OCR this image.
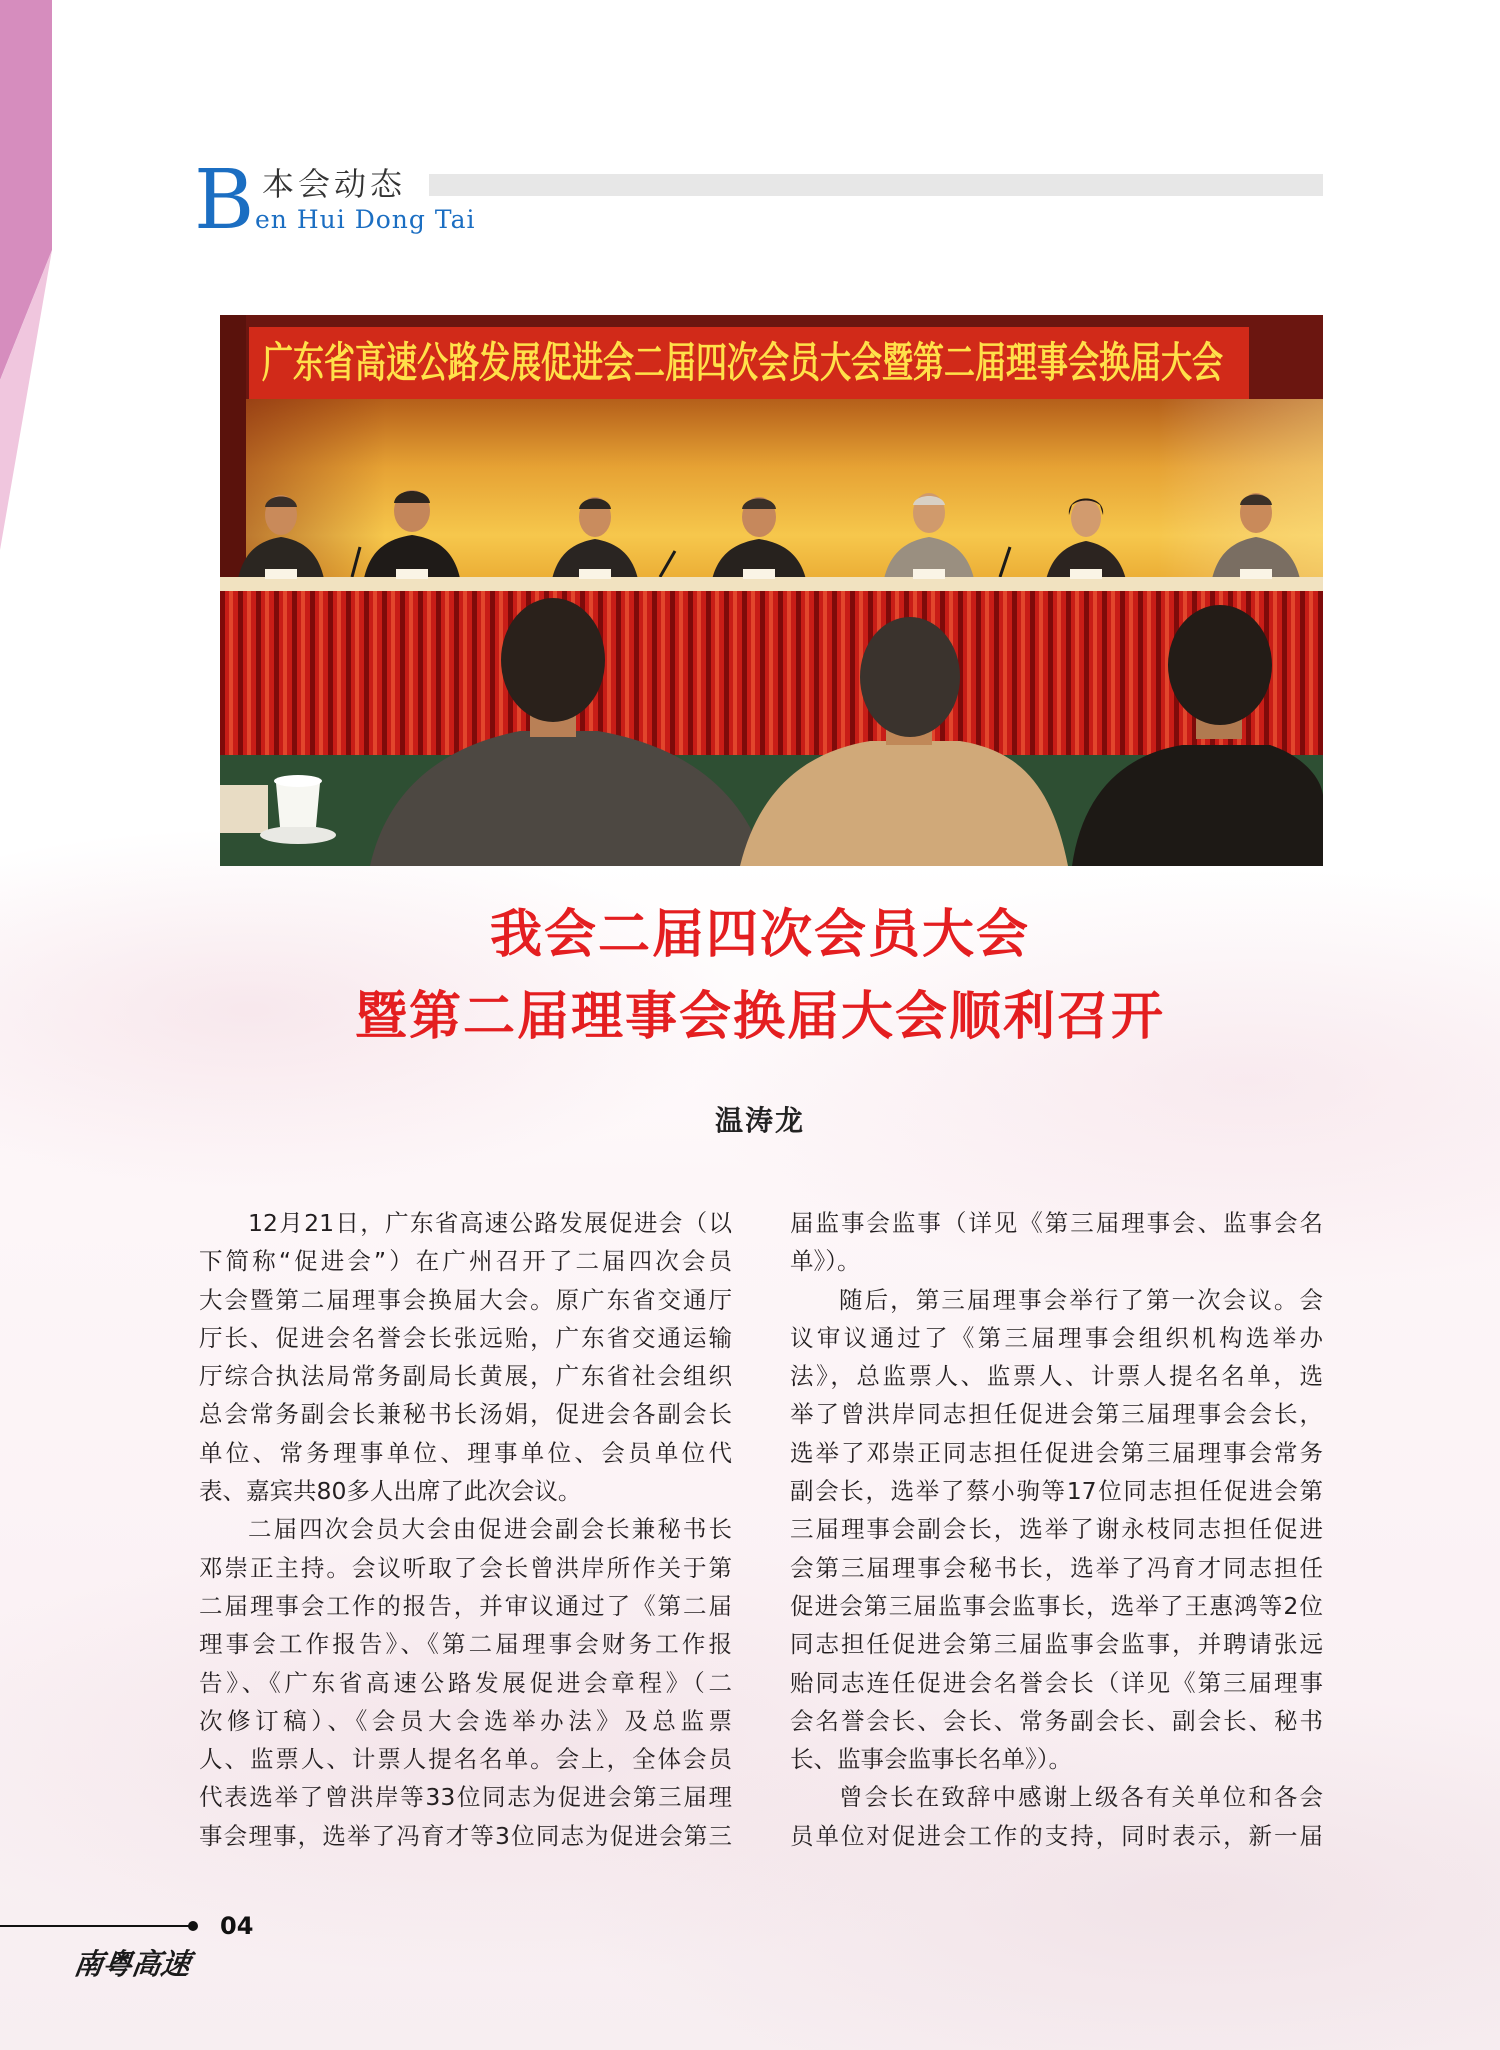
B 本会动态
en Hui Dong Tai
广东省高速公路发展促进会二届四次会员大会暨第二届理事会换届大会
我会二届四次会员大会
暨第二届理事会换届大会顺利召开
温涛龙
12月21日，广东省高速公路发展促进会（以
下简称“促进会”）在广州召开了二届四次会员
大会暨第二届理事会换届大会。原广东省交通厅
厅长、促进会名誉会长张远贻，广东省交通运输
厅综合执法局常务副局长黄展，广东省社会组织
总会常务副会长兼秘书长汤娟，促进会各副会长
单位、常务理事单位、理事单位、会员单位代
表、嘉宾共80多人出席了此次会议。
二届四次会员大会由促进会副会长兼秘书长
邓崇正主持。会议听取了会长曾洪岸所作关于第
二届理事会工作的报告，并审议通过了《第二届
理事会工作报告》、《第二届理事会财务工作报
告》、《广东省高速公路发展促进会章程》（二
次修订稿）、《会员大会选举办法》及总监票
人、监票人、计票人提名名单。会上，全体会员
代表选举了曾洪岸等33位同志为促进会第三届理
事会理事，选举了冯育才等3位同志为促进会第三
届监事会监事（详见《第三届理事会、监事会名
单》）。
随后，第三届理事会举行了第一次会议。会
议审议通过了《第三届理事会组织机构选举办
法》，总监票人、监票人、计票人提名名单，选
举了曾洪岸同志担任促进会第三届理事会会长，
选举了邓崇正同志担任促进会第三届理事会常务
副会长，选举了蔡小驹等17位同志担任促进会第
三届理事会副会长，选举了谢永枝同志担任促进
会第三届理事会秘书长，选举了冯育才同志担任
促进会第三届监事会监事长，选举了王惠鸿等2位
同志担任促进会第三届监事会监事，并聘请张远
贻同志连任促进会名誉会长（详见《第三届理事
会名誉会长、会长、常务副会长、副会长、秘书
长、监事会监事长名单》）。
曾会长在致辞中感谢上级各有关单位和各会
员单位对促进会工作的支持，同时表示，新一届
04
南粤高速
